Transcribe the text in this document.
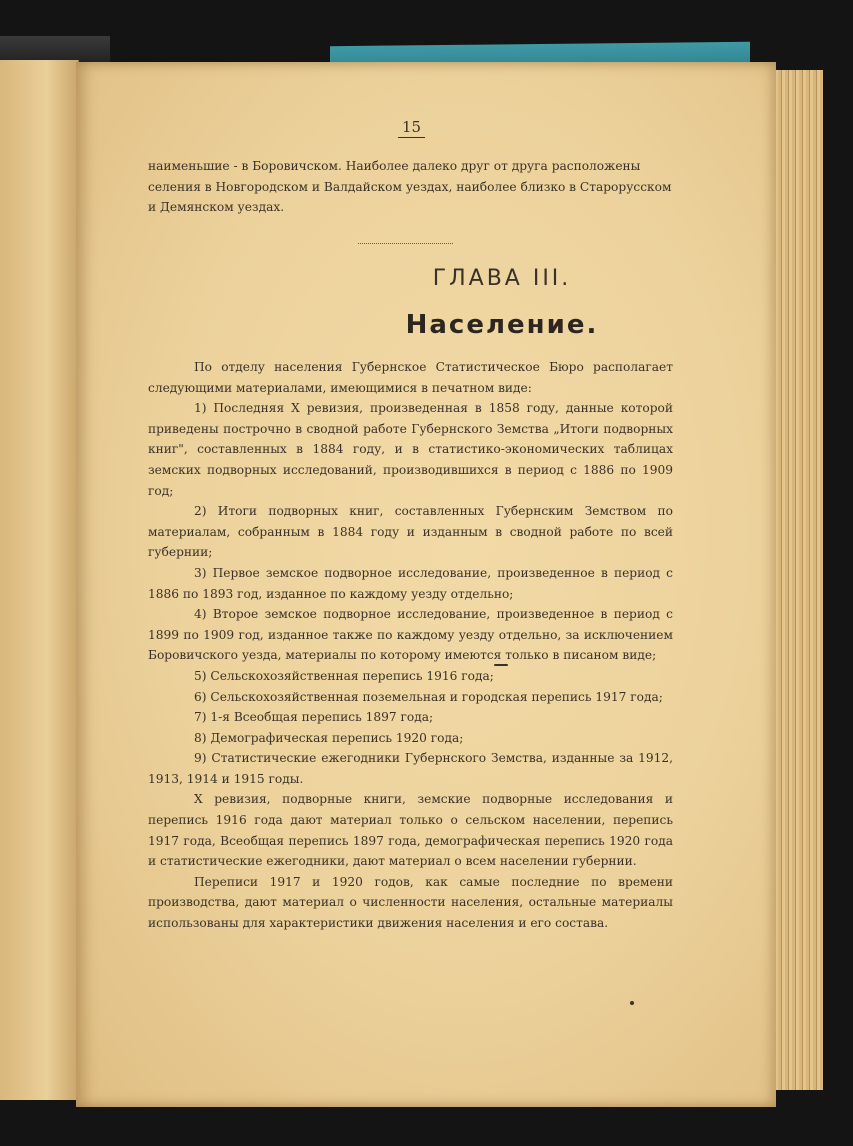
15

наименьшие - в Боровичском. Наиболее далеко друг от друга расположены селения в Новгородском и Валдайском уездах, наиболее близко в Старорусском и Демянском уездах.

ГЛАВА III.
Население.

По отделу населения Губернское Статистическое Бюро располагает следующими материалами, имеющимися в печатном виде:

1) Последняя X ревизия, произведенная в 1858 году, данные которой приведены построчно в сводной работе Губернского Земства „Итоги подворных книг", составленных в 1884 году, и в статистико-экономических таблицах земских подворных исследований, производившихся в период с 1886 по 1909 год;

2) Итоги подворных книг, составленных Губернским Земством по материалам, собранным в 1884 году и изданным в сводной работе по всей губернии;

3) Первое земское подворное исследование, произведенное в период с 1886 по 1893 год, изданное по каждому уезду отдельно;

4) Второе земское подворное исследование, произведенное в период с 1899 по 1909 год, изданное также по каждому уезду отдельно, за исключением Боровичского уезда, материалы по которому имеются только в писаном виде;

5) Сельскохозяйственная перепись 1916 года;

6) Сельскохозяйственная поземельная и городская перепись 1917 года;

7) 1-я Всеобщая перепись 1897 года;

8) Демографическая перепись 1920 года;

9) Статистические ежегодники Губернского Земства, изданные за 1912, 1913, 1914 и 1915 годы.

X ревизия, подворные книги, земские подворные исследования и перепись 1916 года дают материал только о сельском населении, перепись 1917 года, Всеобщая перепись 1897 года, демографическая перепись 1920 года и статистические ежегодники, дают материал о всем населении губернии.

Переписи 1917 и 1920 годов, как самые последние по времени производства, дают материал о численности населения, остальные материалы использованы для характеристики движения населения и его состава.
